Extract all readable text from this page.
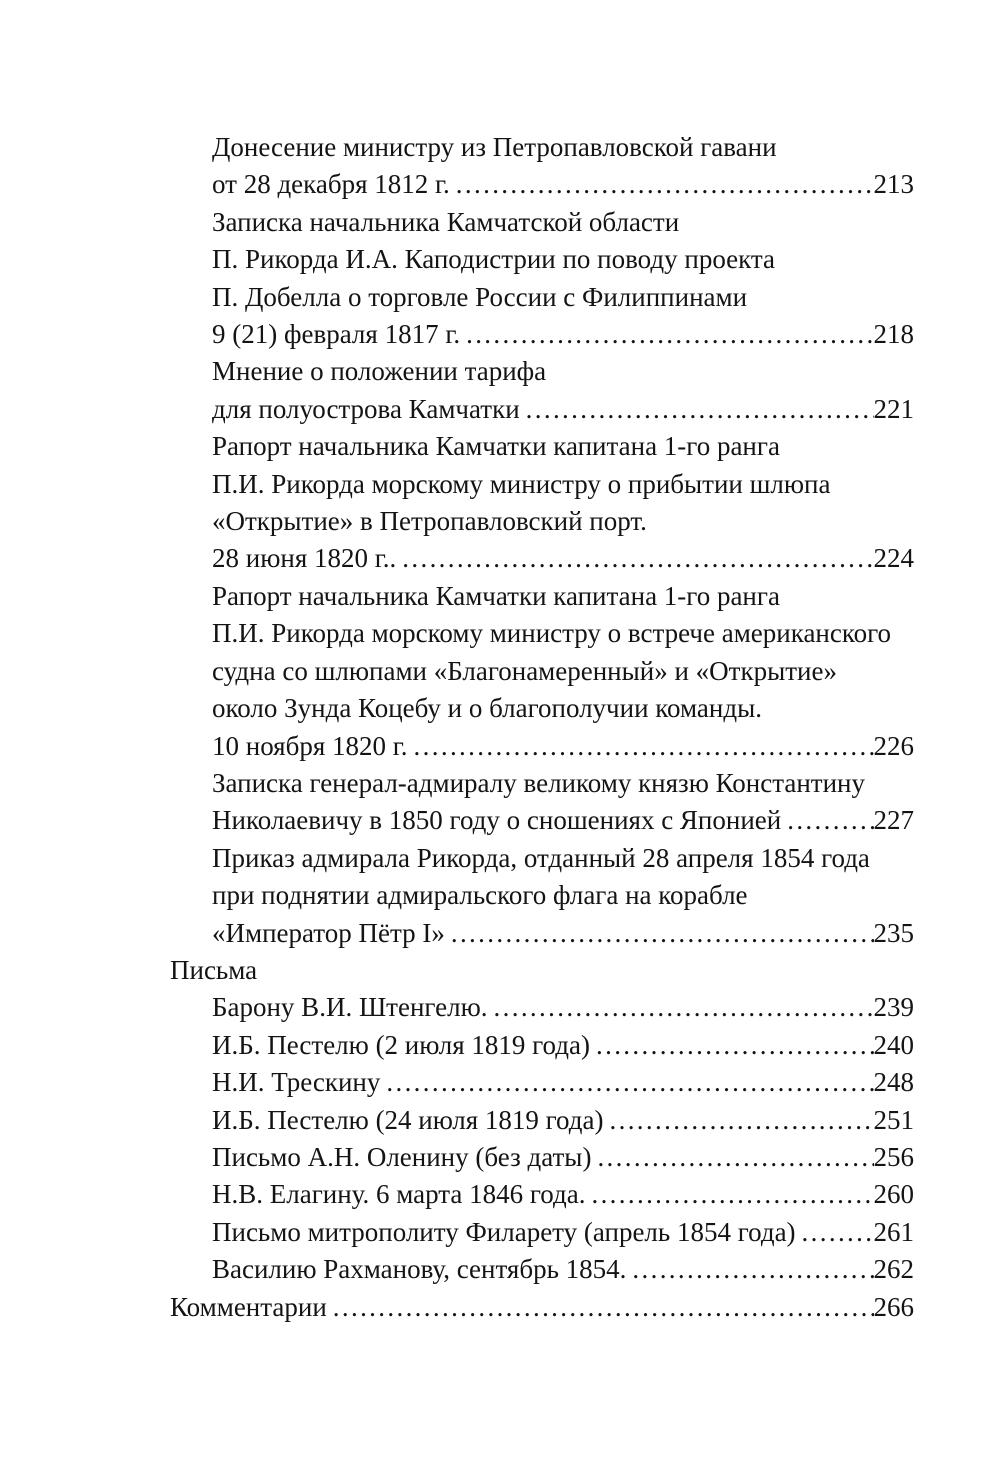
Донесение министру из Петропавловской гавани
от 28 декабря 1812 г. . . .	213
Записка начальника Камчатской области
П. Рикорда И.А. Каподистрии по поводу проекта
П. Добелла о торговле России с Филиппинами
9 (21) февраля 1817 г. . . .	218
Мнение о положении тарифа
для полуострова Камчатки . . .	221
Рапорт начальника Камчатки капитана 1-го ранга
П.И. Рикорда морскому министру о прибытии шлюпа
«Открытие» в Петропавловский порт.
28 июня 1820 г.. . . .	224
Рапорт начальника Камчатки капитана 1-го ранга
П.И. Рикорда морскому министру о встрече американского
судна со шлюпами «Благонамеренный» и «Открытие»
около Зунда Коцебу и о благополучии команды.
10 ноября 1820 г. . . .	226
Записка генерал-адмиралу великому князю Константину
Николаевичу в 1850 году о сношениях с Японией . . .	227
Приказ адмирала Рикорда, отданный 28 апреля 1854 года
при поднятии адмиральского флага на корабле
«Император Пётр I» . . .	235
Письма
Барону В.И. Штенгелю. . . .	239
И.Б. Пестелю (2 июля 1819 года) . . .	240
Н.И. Трескину . . .	248
И.Б. Пестелю (24 июля 1819 года) . . .	251
Письмо А.Н. Оленину (без даты) . . .	256
Н.В. Елагину. 6 марта 1846 года. . . .	260
Письмо митрополиту Филарету (апрель 1854 года) . . .	261
Василию Рахманову, сентябрь 1854. . . .	262
Комментарии . . .	266
